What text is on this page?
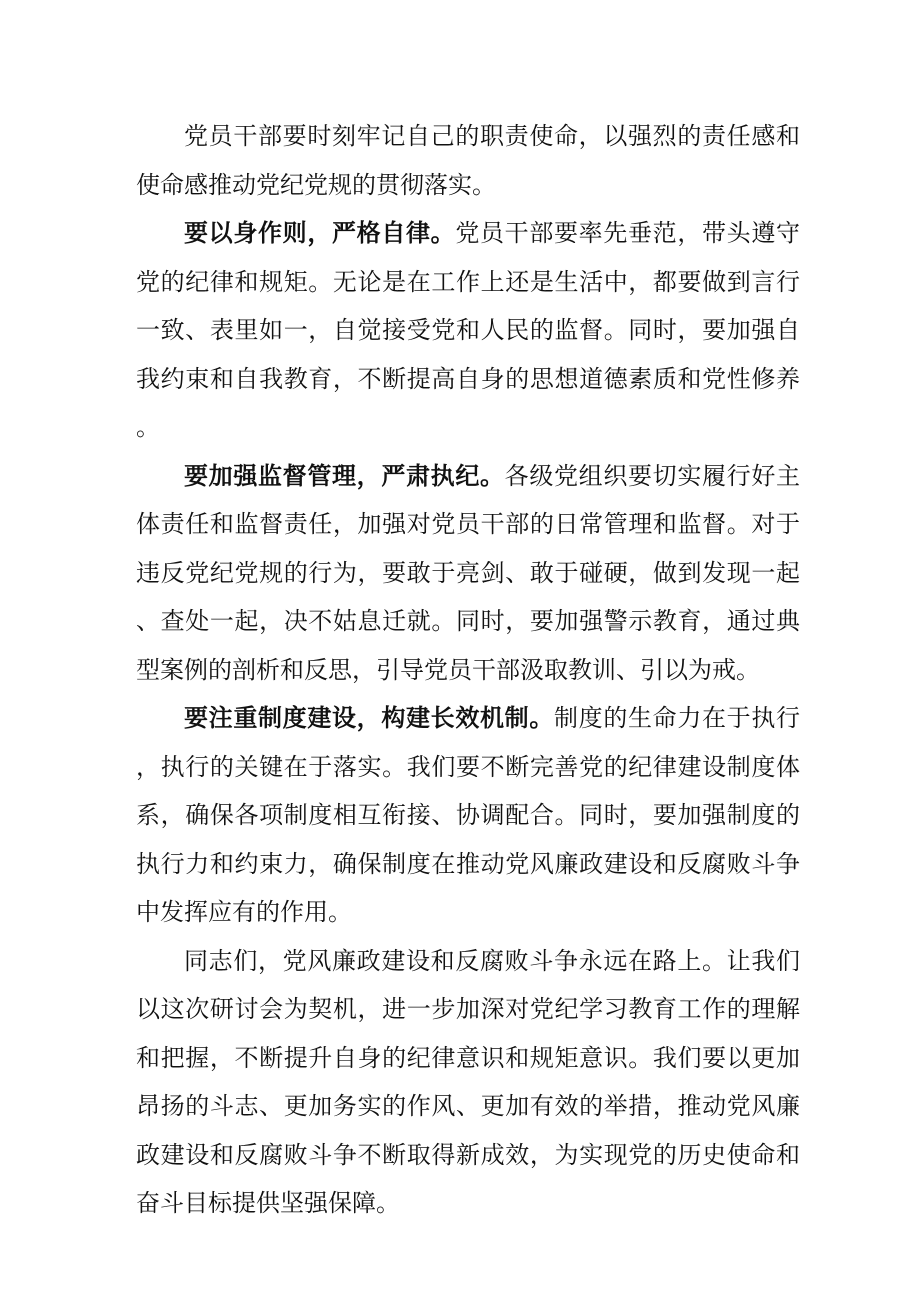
党员干部要时刻牢记自己的职责使命，以强烈的责任感和使命感推动党纪党规的贯彻落实。

要以身作则，严格自律。党员干部要率先垂范，带头遵守党的纪律和规矩。无论是在工作上还是生活中，都要做到言行一致、表里如一，自觉接受党和人民的监督。同时，要加强自我约束和自我教育，不断提高自身的思想道德素质和党性修养。

要加强监督管理，严肃执纪。各级党组织要切实履行好主体责任和监督责任，加强对党员干部的日常管理和监督。对于违反党纪党规的行为，要敢于亮剑、敢于碰硬，做到发现一起、查处一起，决不姑息迁就。同时，要加强警示教育，通过典型案例的剖析和反思，引导党员干部汲取教训、引以为戒。

要注重制度建设，构建长效机制。制度的生命力在于执行，执行的关键在于落实。我们要不断完善党的纪律建设制度体系，确保各项制度相互衔接、协调配合。同时，要加强制度的执行力和约束力，确保制度在推动党风廉政建设和反腐败斗争中发挥应有的作用。

同志们，党风廉政建设和反腐败斗争永远在路上。让我们以这次研讨会为契机，进一步加深对党纪学习教育工作的理解和把握，不断提升自身的纪律意识和规矩意识。我们要以更加昂扬的斗志、更加务实的作风、更加有效的举措，推动党风廉政建设和反腐败斗争不断取得新成效，为实现党的历史使命和奋斗目标提供坚强保障。
